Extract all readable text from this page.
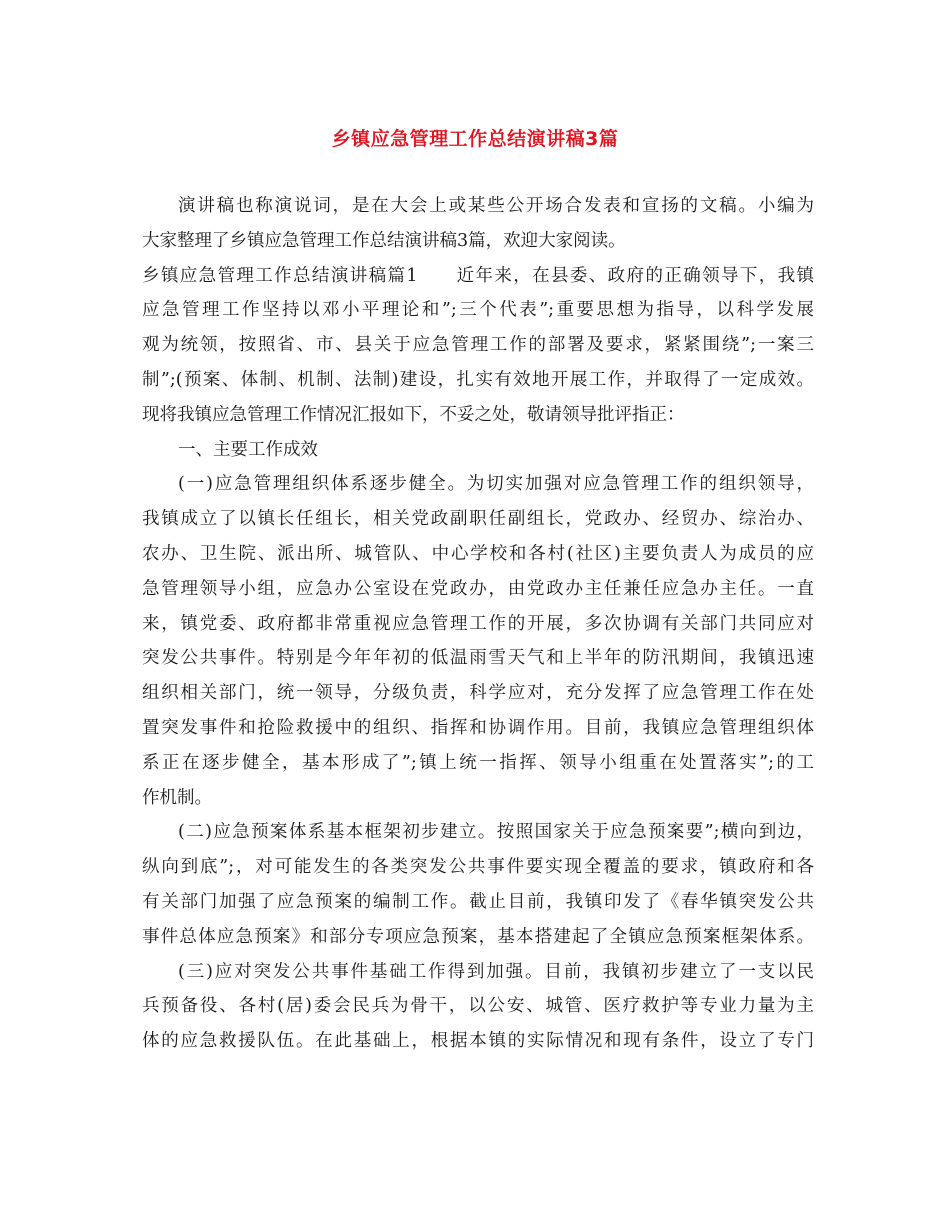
乡镇应急管理工作总结演讲稿3篇
演讲稿也称演说词，是在大会上或某些公开场合发表和宣扬的文稿。小编为
大家整理了乡镇应急管理工作总结演讲稿3篇，欢迎大家阅读。
乡镇应急管理工作总结演讲稿篇1　　近年来，在县委、政府的正确领导下，我镇
应急管理工作坚持以邓小平理论和”;三个代表”;重要思想为指导，以科学发展
观为统领，按照省、市、县关于应急管理工作的部署及要求，紧紧围绕”;一案三
制”;(预案、体制、机制、法制)建设，扎实有效地开展工作，并取得了一定成效。
现将我镇应急管理工作情况汇报如下，不妥之处，敬请领导批评指正：
一、主要工作成效
(一)应急管理组织体系逐步健全。为切实加强对应急管理工作的组织领导，
我镇成立了以镇长任组长，相关党政副职任副组长，党政办、经贸办、综治办、
农办、卫生院、派出所、城管队、中心学校和各村(社区)主要负责人为成员的应
急管理领导小组，应急办公室设在党政办，由党政办主任兼任应急办主任。一直
来，镇党委、政府都非常重视应急管理工作的开展，多次协调有关部门共同应对
突发公共事件。特别是今年年初的低温雨雪天气和上半年的防汛期间，我镇迅速
组织相关部门，统一领导，分级负责，科学应对，充分发挥了应急管理工作在处
置突发事件和抢险救援中的组织、指挥和协调作用。目前，我镇应急管理组织体
系正在逐步健全，基本形成了”;镇上统一指挥、领导小组重在处置落实”;的工
作机制。
(二)应急预案体系基本框架初步建立。按照国家关于应急预案要”;横向到边，
纵向到底”;，对可能发生的各类突发公共事件要实现全覆盖的要求，镇政府和各
有关部门加强了应急预案的编制工作。截止目前，我镇印发了《春华镇突发公共
事件总体应急预案》和部分专项应急预案，基本搭建起了全镇应急预案框架体系。
(三)应对突发公共事件基础工作得到加强。目前，我镇初步建立了一支以民
兵预备役、各村(居)委会民兵为骨干，以公安、城管、医疗救护等专业力量为主
体的应急救援队伍。在此基础上，根据本镇的实际情况和现有条件，设立了专门
